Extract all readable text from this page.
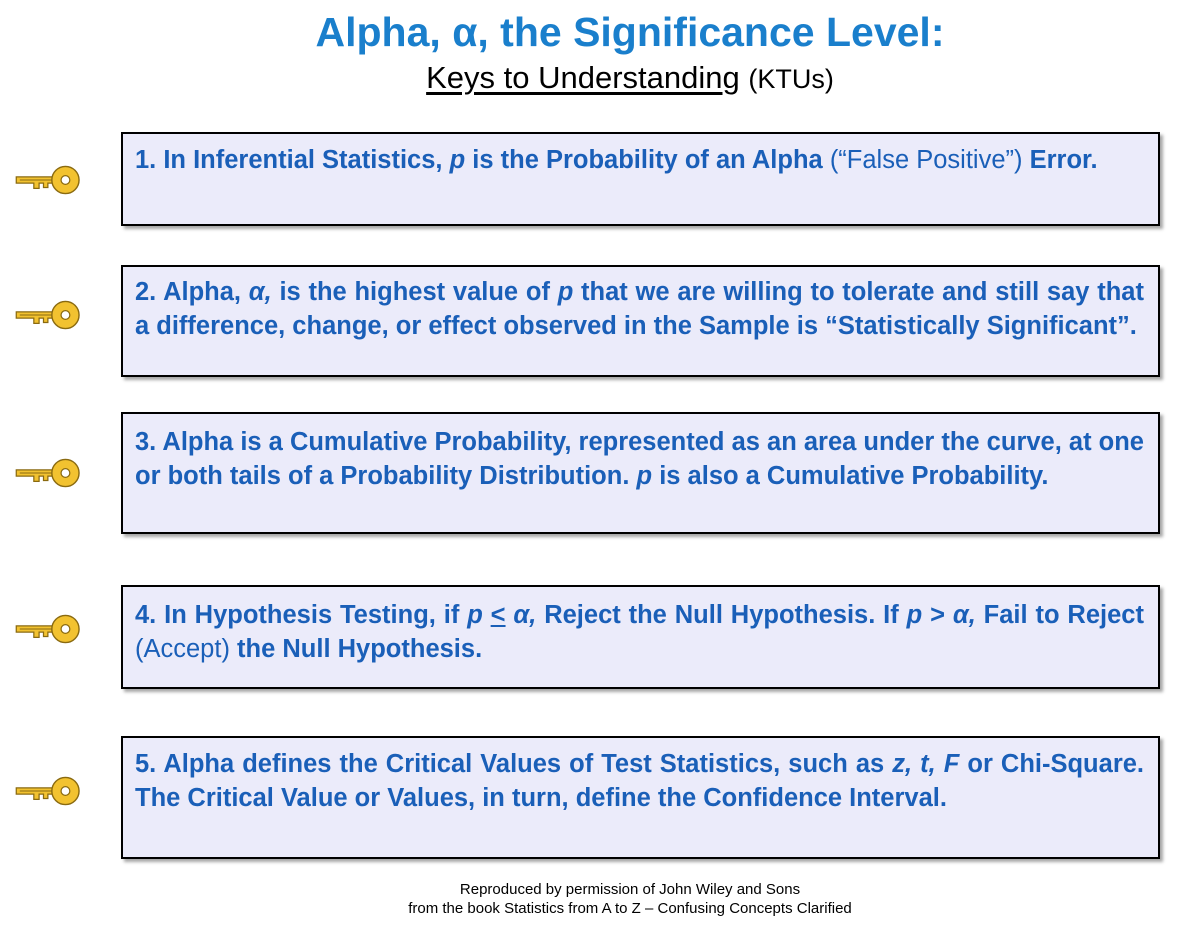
Alpha, α, the Significance Level:
Keys to Understanding (KTUs)
1. In Inferential Statistics, p is the Probability of an Alpha (“False Positive”) Error.
2. Alpha, α, is the highest value of p that we are willing to tolerate and still say that a difference, change, or effect observed in the Sample is “Statistically Significant”.
3. Alpha is a Cumulative Probability, represented as an area under the curve, at one or both tails of a Probability Distribution. p is also a Cumulative Probability.
4. In Hypothesis Testing, if p < α, Reject the Null Hypothesis. If p > α, Fail to Reject (Accept) the Null Hypothesis.
5. Alpha defines the Critical Values of Test Statistics, such as z, t, F or Chi-Square. The Critical Value or Values, in turn, define the Confidence Interval.
Reproduced by permission of John Wiley and Sons
from the book Statistics from A to Z – Confusing Concepts Clarified
